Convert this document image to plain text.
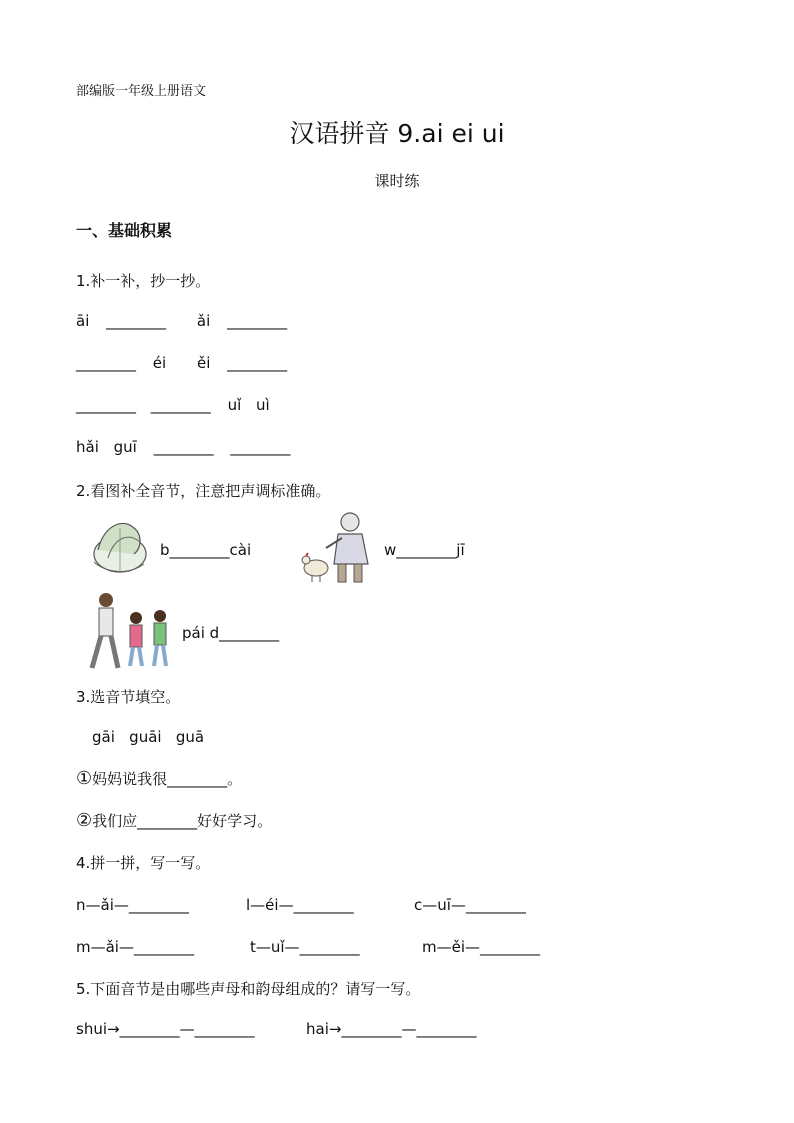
部编版一年级上册语文
汉语拼音 9.ai ei ui
课时练
一、基础积累
1.补一补，抄一抄。
āi ________ ǎi ________
________ éi ěi ________
________ ________ uǐ uì
hǎi guī ________ ________
2.看图补全音节，注意把声调标准确。
b________cài	w________jī
pái d________
3.选音节填空。
gāi   guāi   guā
①妈妈说我很________。
②我们应________好好学习。
4.拼一拼，写一写。
n—ǎi—________	l—éi—________	c—uī—________
m—ǎi—________	t—uǐ—________	m—ěi—________
5.下面音节是由哪些声母和韵母组成的？请写一写。
shui→________—________	hai→________—________
